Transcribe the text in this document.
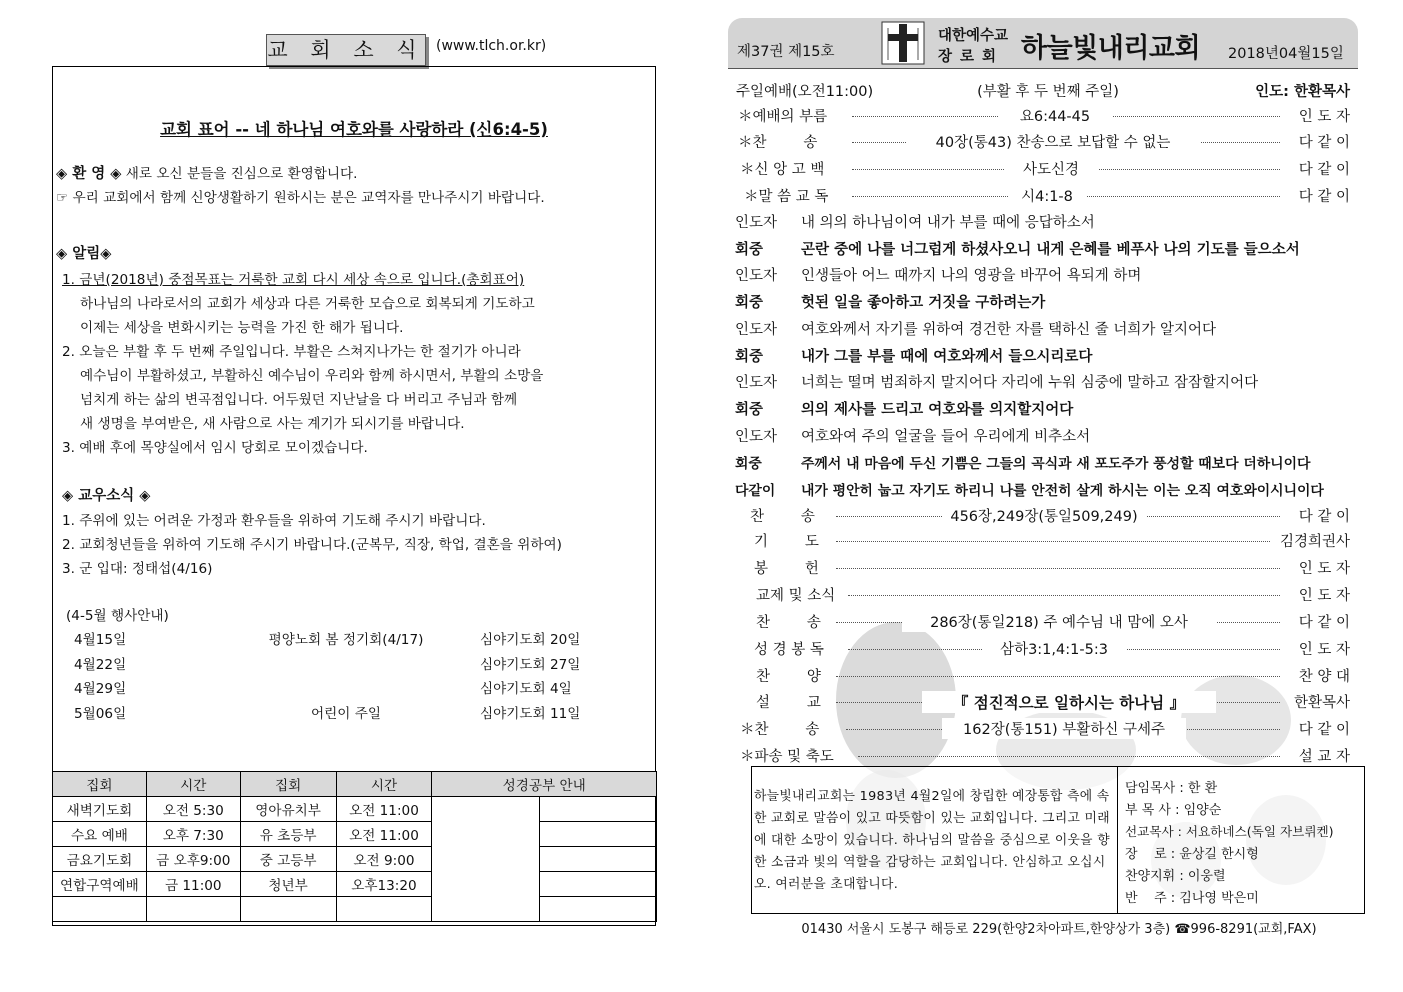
교 회 소 식 (www.tlch.or.kr)
교회 표어 -- 네 하나님 여호와를 사랑하라 (신6:4-5)
◈ 환 영 ◈ 새로 오신 분들을 진심으로 환영합니다.
☞ 우리 교회에서 함께 신앙생활하기 원하시는 분은 교역자를 만나주시기 바랍니다.
◈ 알림◈
1. 금년(2018년) 중점목표는 거룩한 교회 다시 세상 속으로 입니다.(총회표어)
하나님의 나라로서의 교회가 세상과 다른 거룩한 모습으로 회복되게 기도하고
이제는 세상을 변화시키는 능력을 가진 한 해가 됩니다.
2. 오늘은 부활 후 두 번째 주일입니다. 부활은 스쳐지나가는 한 절기가 아니라
예수님이 부활하셨고, 부활하신 예수님이 우리와 함께 하시면서, 부활의 소망을
넘치게 하는 삶의 변곡점입니다. 어두웠던 지난날을 다 버리고 주님과 함께
새 생명을 부여받은, 새 사람으로 사는 계기가 되시기를 바랍니다.
3. 예배 후에 목양실에서 임시 당회로 모이겠습니다.
◈ 교우소식 ◈
1. 주위에 있는 어려운 가정과 환우들을 위하여 기도해 주시기 바랍니다.
2. 교회청년들을 위하여 기도해 주시기 바랍니다.(군복무, 직장, 학업, 결혼을 위하여)
3. 군 입대: 정태섭(4/16)
(4-5월 행사안내)
4월15일	평양노회 봄 정기회(4/17)	심야기도회 20일
4월22일	심야기도회 27일
4월29일	심야기도회 4일
5월06일	어린이 주일	심야기도회 11일
집회	시간	집회	시간	성경공부 안내	
새벽기도회	오전 5:30	영아유치부	오전 11:00		
수요 예배	오후 7:30	유 초등부	오전 11:00		
금요기도회	금 오후9:00	중 고등부	오전 9:00		
연합구역예배	금 11:00	청년부	오후13:20		

제37권 제15호
대한예수교
장로회 하늘빛내리교회 2018년04월15일
주일예배(오전11:00)	(부활 후 두 번째 주일)	인도: 한환목사
＊예배의 부름	요6:44-45	인 도 자
＊찬        송	40장(통43) 찬송으로 보답할 수 없는	다 같 이
＊신 앙 고 백	사도신경	다 같 이
＊말 씀 교 독	시4:1-8	다 같 이
인도자 내 의의 하나님이여 내가 부를 때에 응답하소서
회중	곤란 중에 나를 너그럽게 하셨사오니 내게 은혜를 베푸사 나의 기도를 들으소서
인도자 인생들아 어느 때까지 나의 영광을 바꾸어 욕되게 하며
회중	헛된 일을 좋아하고 거짓을 구하려는가
인도자 여호와께서 자기를 위하여 경건한 자를 택하신 줄 너희가 알지어다
회중	내가 그를 부를 때에 여호와께서 들으시리로다
인도자 너희는 떨며 범죄하지 말지어다 자리에 누워 심중에 말하고 잠잠할지어다
회중	의의 제사를 드리고 여호와를 의지할지어다
인도자 여호와여 주의 얼굴을 들어 우리에게 비추소서
회중	주께서 내 마음에 두신 기쁨은 그들의 곡식과 새 포도주가 풍성할 때보다 더하니이다
다같이 내가 평안히 눕고 자기도 하리니 나를 안전히 살게 하시는 이는 오직 여호와이시니이다
찬        송	456장,249장(통일509,249)	다 같 이
기        도	김경희권사
봉        헌	인 도 자
교제 및 소식	인 도 자
찬        송	286장(통일218) 주 예수님 내 맘에 오사	다 같 이
성 경 봉 독	삼하3:1,4:1-5:3	인 도 자
찬        양	찬 양 대
설        교	『 점진적으로 일하시는 하나님 』	한환목사
＊찬        송	162장(통151) 부활하신 구세주	다 같 이
＊파송 및 축도	설 교 자
하늘빛내리교회는 1983년 4월2일에 창립한 예장통합 측에 속한 교회로 말씀이 있고 따뜻함이 있는 교회입니다. 그리고 미래에 대한 소망이 있습니다. 하나님의 말씀을 중심으로 이웃을 향한 소금과 빛의 역할을 감당하는 교회입니다. 안심하고 오십시오. 여러분을 초대합니다.
담임목사 : 한 환
부 목 사 : 임양순
선교목사 : 서요하네스(독일 자브뤼켄)
장    로 : 윤상길 한시형
찬양지휘 : 이웅렬
반    주 : 김나영 박은미
01430 서울시 도봉구 해등로 229(한양2차아파트,한양상가 3층) ☎996-8291(교회,FAX)
